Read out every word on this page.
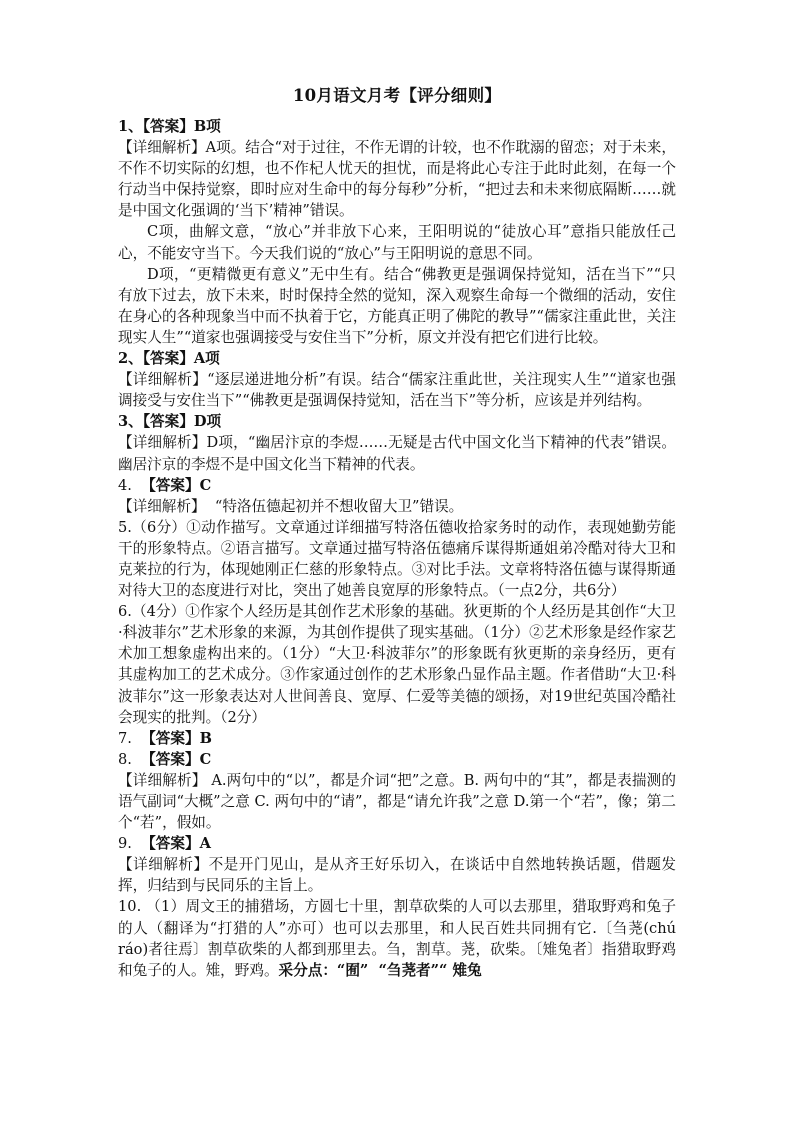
10月语文月考【评分细则】

1、【答案】B项

【详细解析】A项。结合“对于过往，不作无谓的计较，也不作耽溺的留恋；对于未来，不作不切实际的幻想，也不作杞人忧天的担忧，而是将此心专注于此时此刻，在每一个行动当中保持觉察，即时应对生命中的每分每秒”分析，“把过去和未来彻底隔断……就是中国文化强调的‘当下’精神”错误。

C项，曲解文意，“放心”并非放下心来，王阳明说的“徒放心耳”意指只能放任己心，不能安守当下。今天我们说的“放心”与王阳明说的意思不同。

D项，“更精微更有意义”无中生有。结合“佛教更是强调保持觉知，活在当下”“只有放下过去，放下未来，时时保持全然的觉知，深入观察生命每一个微细的活动，安住在身心的各种现象当中而不执着于它，方能真正明了佛陀的教导”“儒家注重此世，关注现实人生”“道家也强调接受与安住当下”分析，原文并没有把它们进行比较。

2、【答案】A项

【详细解析】“逐层递进地分析”有误。结合“儒家注重此世，关注现实人生”“道家也强调接受与安住当下”“佛教更是强调保持觉知，活在当下”等分析，应该是并列结构。

3、【答案】D项

【详细解析】D项，“幽居汴京的李煜……无疑是古代中国文化当下精神的代表”错误。幽居汴京的李煜不是中国文化当下精神的代表。

4.  【答案】C

【详细解析】  “特洛伍德起初并不想收留大卫”错误。

5.（6分）①动作描写。文章通过详细描写特洛伍德收拾家务时的动作，表现她勤劳能干的形象特点。②语言描写。文章通过描写特洛伍德痛斥谋得斯通姐弟冷酷对待大卫和克莱拉的行为，体现她刚正仁慈的形象特点。③对比手法。文章将特洛伍德与谋得斯通对待大卫的态度进行对比，突出了她善良宽厚的形象特点。（一点2分，共6分）

6.（4分）①作家个人经历是其创作艺术形象的基础。狄更斯的个人经历是其创作“大卫·科波菲尔”艺术形象的来源，为其创作提供了现实基础。（1分）②艺术形象是经作家艺术加工想象虚构出来的。（1分）“大卫·科波菲尔”的形象既有狄更斯的亲身经历，更有其虚构加工的艺术成分。③作家通过创作的艺术形象凸显作品主题。作者借助“大卫·科波菲尔”这一形象表达对人世间善良、宽厚、仁爱等美德的颂扬，对19世纪英国冷酷社会现实的批判。（2分）

7.  【答案】B

8.  【答案】C

【详细解析】 A.两句中的“以”，都是介词“把”之意。B. 两句中的“其”，都是表揣测的语气副词“大概”之意 C. 两句中的“请”，都是“请允许我”之意 D.第一个“若”，像；第二个“若”，假如。

9.  【答案】A

【详细解析】不是开门见山，是从齐王好乐切入，在谈话中自然地转换话题，借题发挥，归结到与民同乐的主旨上。

10. （1）周文王的捕猎场，方圆七十里，割草砍柴的人可以去那里，猎取野鸡和兔子的人（翻译为“打猎的人”亦可）也可以去那里，和人民百姓共同拥有它.〔刍荛(chú ráo)者往焉〕割草砍柴的人都到那里去。刍，割草。荛，砍柴。〔雉兔者〕指猎取野鸡和兔子的人。雉，野鸡。采分点：“囿”  “刍荛者”“ 雉兔
